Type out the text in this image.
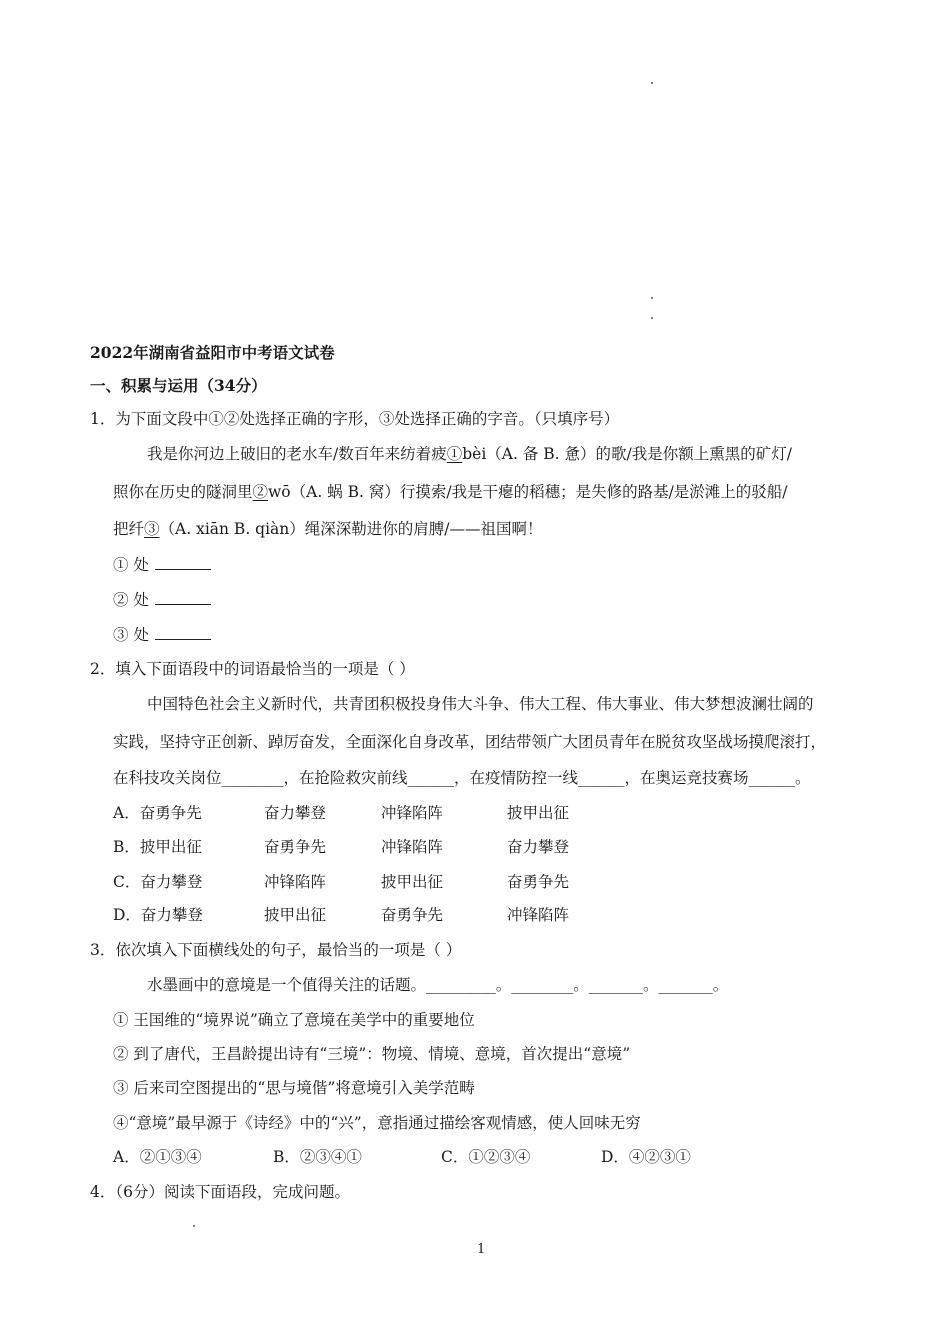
2022年湖南省益阳市中考语文试卷
一、积累与运用（34分）
1．为下面文段中①②处选择正确的字形，③处选择正确的字音。（只填序号）
我是你河边上破旧的老水车/数百年来纺着疲①bèi（A. 备 B. 惫）的歌/我是你额上熏黑的矿灯/
照你在历史的隧洞里②wō（A. 蜗 B. 窝）行摸索/我是干瘪的稻穗；是失修的路基/是淤滩上的驳船/
把纤③（A. xiān B. qiàn）绳深深勒进你的肩膊/——祖国啊！
① 处
② 处
③ 处
2．填入下面语段中的词语最恰当的一项是（ ）
中国特色社会主义新时代，共青团积极投身伟大斗争、伟大工程、伟大事业、伟大梦想波澜壮阔的
实践，坚持守正创新、踔厉奋发，全面深化自身改革，团结带领广大团员青年在脱贫攻坚战场摸爬滚打，
在科技攻关岗位________，在抢险救灾前线______，在疫情防控一线______，在奥运竞技赛场______。
A．奋勇争先	奋力攀登	冲锋陷阵	披甲出征
B．披甲出征	奋勇争先	冲锋陷阵	奋力攀登
C．奋力攀登	冲锋陷阵	披甲出征	奋勇争先
D．奋力攀登	披甲出征	奋勇争先	冲锋陷阵
3．依次填入下面横线处的句子，最恰当的一项是（ ）
水墨画中的意境是一个值得关注的话题。_________。________。_______。_______。
① 王国维的“境界说”确立了意境在美学中的重要地位
② 到了唐代，王昌龄提出诗有“三境”：物境、情境、意境，首次提出“意境”
③ 后来司空图提出的“思与境偕”将意境引入美学范畴
④“意境”最早源于《诗经》中的“兴”，意指通过描绘客观情感，使人回味无穷
A．②①③④	B．②③④①	C．①②③④	D．④②③①
4．（6分）阅读下面语段，完成问题。
1
